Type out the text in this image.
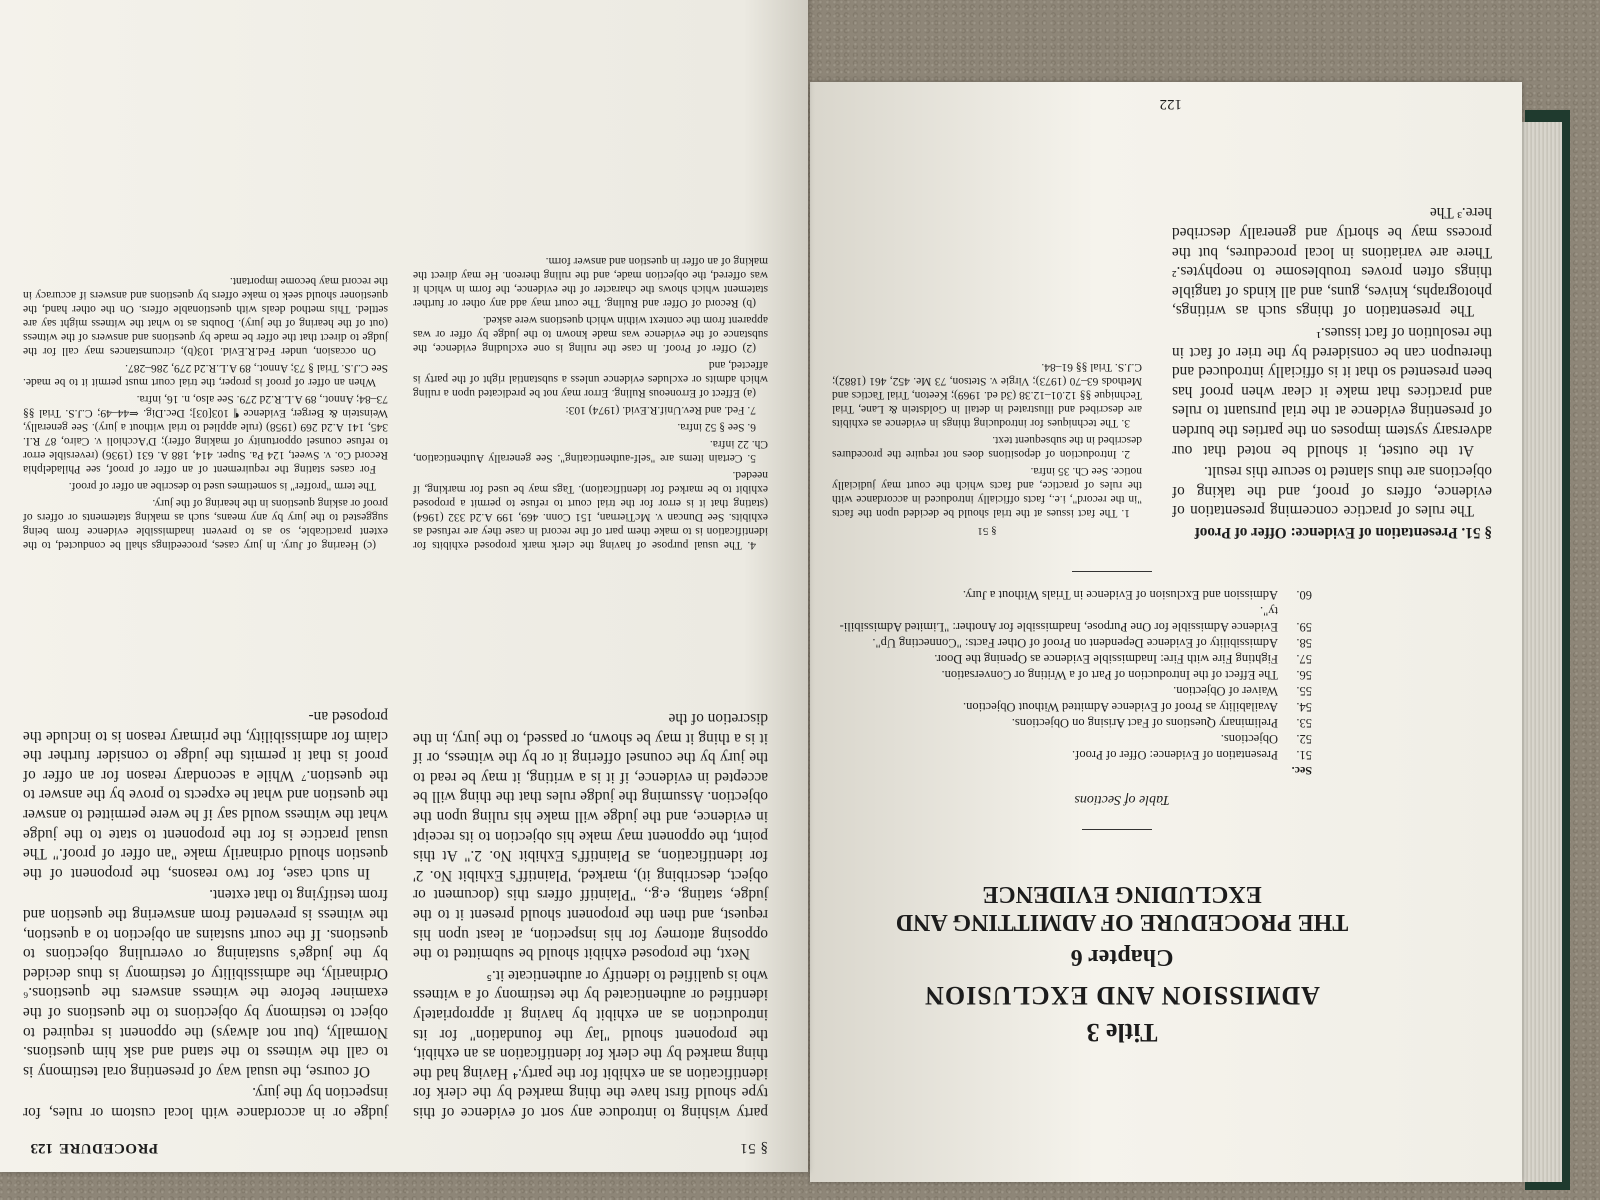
Title 3
ADMISSION AND EXCLUSION
Chapter 6
THE PROCEDURE OF ADMITTING AND
EXCLUDING EVIDENCE
Table of Sections
Sec.
51.
Presentation of Evidence: Offer of Proof.
52.
Objections.
53.
Preliminary Questions of Fact Arising on Objections.
54.
Availability as Proof of Evidence Admitted Without Objection.
55.
Waiver of Objection.
56.
The Effect of the Introduction of Part of a Writing or Conversation.
57.
Fighting Fire with Fire: Inadmissible Evidence as Opening the Door.
58.
Admissibility of Evidence Dependent on Proof of Other Facts: "Connecting Up".
59.
Evidence Admissible for One Purpose, Inadmissible for Another: "Limited Admissibili-
ty".
60.
Admission and Exclusion of Evidence in Trials Without a Jury.

§ 51. Presentation of Evidence: Offer of Proof

The rules of practice concerning presentation of evidence, offers of proof, and the taking of objections are thus slanted to secure this result.

At the outset, it should be noted that our adversary system imposes on the parties the burden of presenting evidence at the trial pursuant to rules and practices that make it clear when proof has been presented so that it is officially introduced and thereupon can be considered by the trier of fact in the resolution of fact issues.¹

The presentation of things such as writings, photographs, knives, guns, and all kinds of tangible things often proves troublesome to neophytes.² There are variations in local procedures, but the process may be shortly and generally described here.³ The

§ 51

1. The fact issues at the trial should be decided upon the facts "in the record", i.e., facts officially introduced in accordance with the rules of practice, and facts which the court may judicially notice. See Ch. 35 infra.

2. Introduction of depositions does not require the procedures described in the subsequent text.

3. The techniques for introducing things in evidence as exhibits are described and illustrated in detail in Goldstein & Lane, Trial Technique §§ 12.01–12.38 (3d ed. 1969); Keeton, Trial Tactics and Methods 63–70 (1973); Virgie v. Stetson, 73 Me. 452, 461 (1882); C.J.S. Trial §§ 61–84.

122
§ 51
PROCEDURE
123

party wishing to introduce any sort of evidence of this type should first have the thing marked by the clerk for identification as an exhibit for the party.⁴ Having had the thing marked by the clerk for identification as an exhibit, the proponent should "lay the foundation" for its introduction as an exhibit by having it appropriately identified or authenticated by the testimony of a witness who is qualified to identify or authenticate it.⁵

Next, the proposed exhibit should be submitted to the opposing attorney for his inspection, at least upon his request, and then the proponent should present it to the judge, stating, e.g., "Plaintiff offers this (document or object, describing it), marked, 'Plaintiff's Exhibit No. 2' for identification, as Plaintiff's Exhibit No. 2." At this point, the opponent may make his objection to its receipt in evidence, and the judge will make his ruling upon the objection. Assuming the judge rules that the thing will be accepted in evidence, if it is a writing, it may be read to the jury by the counsel offering it or by the witness, or if it is a thing it may be shown, or passed, to the jury, in the discretion of the

4. The usual purpose of having the clerk mark proposed exhibits for identification is to make them part of the record in case they are refused as exhibits. See Duncan v. McTiernan, 151 Conn. 469, 199 A.2d 332 (1964) (stating that it is error for the trial court to refuse to permit a proposed exhibit to be marked for identification). Tags may be used for marking, if needed.

5. Certain items are "self-authenticating". See generally Authentication, Ch. 22 infra.

6. See § 52 infra.

7. Fed. and Rev.Unif.R.Evid. (1974) 103:

(a) Effect of Erroneous Ruling. Error may not be predicated upon a ruling which admits or excludes evidence unless a substantial right of the party is affected, and

(2) Offer of Proof. In case the ruling is one excluding evidence, the substance of the evidence was made known to the judge by offer or was apparent from the context within which questions were asked.

(b) Record of Offer and Ruling. The court may add any other or further statement which shows the character of the evidence, the form in which it was offered, the objection made, and the ruling thereon. He may direct the making of an offer in question and answer form.

judge or in accordance with local custom or rules, for inspection by the jury.

Of course, the usual way of presenting oral testimony is to call the witness to the stand and ask him questions. Normally, (but not always) the opponent is required to object to testimony by objections to the questions of the examiner before the witness answers the questions.⁶ Ordinarily, the admissibility of testimony is thus decided by the judge's sustaining or overruling objections to questions. If the court sustains an objection to a question, the witness is prevented from answering the question and from testifying to that extent.

In such case, for two reasons, the proponent of the question should ordinarily make "an offer of proof." The usual practice is for the proponent to state to the judge what the witness would say if he were permitted to answer the question and what he expects to prove by the answer to the question.⁷ While a secondary reason for an offer of proof is that it permits the judge to consider further the claim for admissibility, the primary reason is to include the proposed an-

(c) Hearing of Jury. In jury cases, proceedings shall be conducted, to the extent practicable, so as to prevent inadmissible evidence from being suggested to the jury by any means, such as making statements or offers of proof or asking questions in the hearing of the jury.

The term "proffer" is sometimes used to describe an offer of proof.

For cases stating the requirement of an offer of proof, see Philadelphia Record Co. v. Sweet, 124 Pa. Super. 414, 188 A. 631 (1936) (reversible error to refuse counsel opportunity of making offer); D'Acchioli v. Cairo, 87 R.I. 345, 141 A.2d 269 (1958) (rule applied to trial without a jury). See generally, Weinstein & Berger, Evidence ¶ 103[03]; Dec.Dig. ⇐44–49; C.J.S. Trial §§ 73–84; Annot., 89 A.L.R.2d 279. See also, n. 16, infra.

When an offer of proof is proper, the trial court must permit it to be made. See C.J.S. Trial § 73; Annot., 89 A.L.R.2d 279, 286–287.

On occasion, under Fed.R.Evid. 103(b), circumstances may call for the judge to direct that the offer be made by questions and answers of the witness (out of the hearing of the jury). Doubts as to what the witness might say are settled. This method deals with questionable offers. On the other hand, the questioner should seek to make offers by questions and answers if accuracy in the record may become important.
